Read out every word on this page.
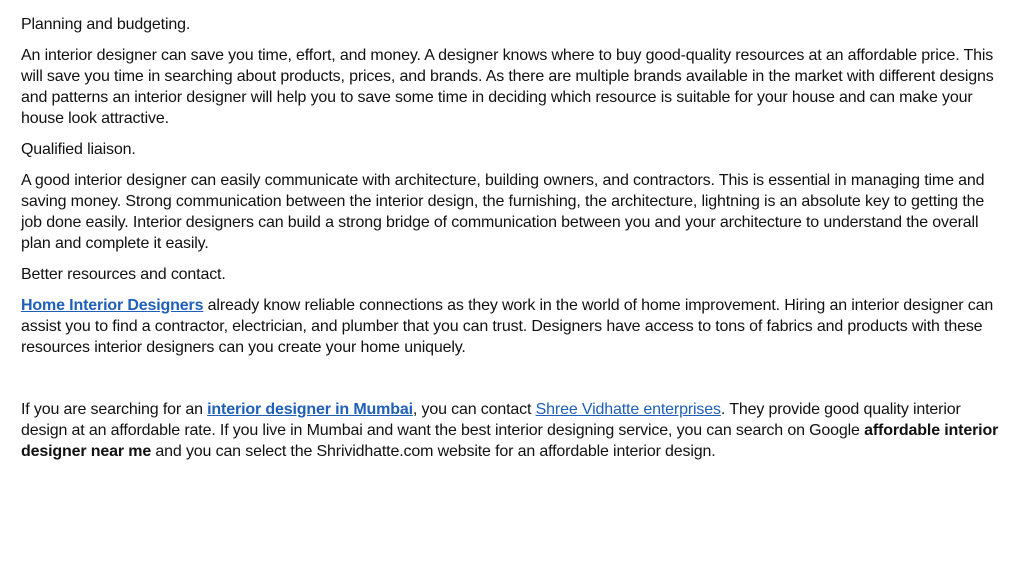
Planning and budgeting.

An interior designer can save you time, effort, and money. A designer knows where to buy good-quality resources at an affordable price. This will save you time in searching about products, prices, and brands. As there are multiple brands available in the market with different designs and patterns an interior designer will help you to save some time in deciding which resource is suitable for your house and can make your house look attractive.

Qualified liaison.

A good interior designer can easily communicate with architecture, building owners, and contractors. This is essential in managing time and saving money. Strong communication between the interior design, the furnishing, the architecture, lightning is an absolute key to getting the job done easily. Interior designers can build a strong bridge of communication between you and your architecture to understand the overall plan and complete it easily.

Better resources and contact.

Home Interior Designers already know reliable connections as they work in the world of home improvement. Hiring an interior designer can assist you to find a contractor, electrician, and plumber that you can trust. Designers have access to tons of fabrics and products with these resources interior designers can you create your home uniquely.

If you are searching for an interior designer in Mumbai, you can contact Shree Vidhatte enterprises. They provide good quality interior design at an affordable rate. If you live in Mumbai and want the best interior designing service, you can search on Google affordable interior designer near me and you can select the Shrividhatte.com website for an affordable interior design.
